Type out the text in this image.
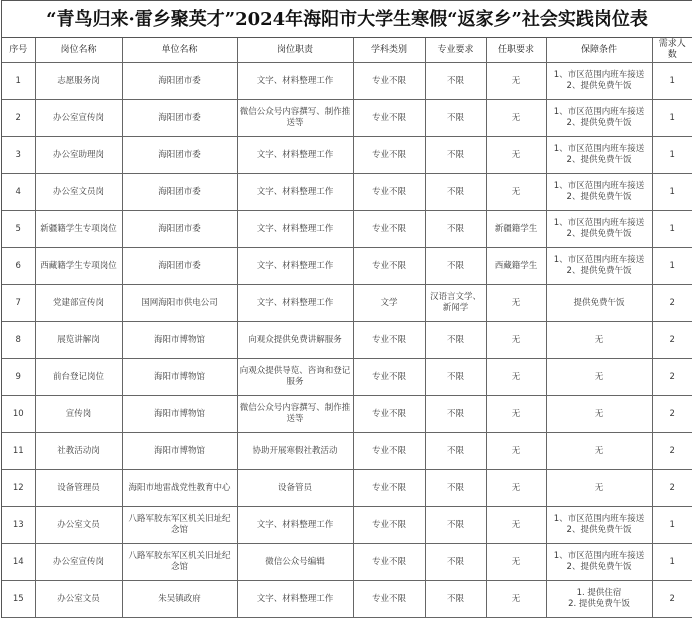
“青鸟归来·雷乡聚英才”2024年海阳市大学生寒假“返家乡”社会实践岗位表
序号	岗位名称	单位名称	岗位职责	学科类别	专业要求	任职要求	保障条件	需求人数
1	志愿服务岗	海阳团市委	文字、材料整理工作	专业不限	不限	无	1、市区范围内班车接送
2、提供免费午饭	1
2	办公室宣传岗	海阳团市委	微信公众号内容撰写、制作推送等	专业不限	不限	无	1、市区范围内班车接送
2、提供免费午饭	1
3	办公室助理岗	海阳团市委	文字、材料整理工作	专业不限	不限	无	1、市区范围内班车接送
2、提供免费午饭	1
4	办公室文员岗	海阳团市委	文字、材料整理工作	专业不限	不限	无	1、市区范围内班车接送
2、提供免费午饭	1
5	新疆籍学生专项岗位	海阳团市委	文字、材料整理工作	专业不限	不限	新疆籍学生	1、市区范围内班车接送
2、提供免费午饭	1
6	西藏籍学生专项岗位	海阳团市委	文字、材料整理工作	专业不限	不限	西藏籍学生	1、市区范围内班车接送
2、提供免费午饭	1
7	党建部宣传岗	国网海阳市供电公司	文字、材料整理工作	文学	汉语言文学、新闻学	无	提供免费午饭	2
8	展览讲解岗	海阳市博物馆	向观众提供免费讲解服务	专业不限	不限	无	无	2
9	前台登记岗位	海阳市博物馆	向观众提供导览、咨询和登记服务	专业不限	不限	无	无	2
10	宣传岗	海阳市博物馆	微信公众号内容撰写、制作推送等	专业不限	不限	无	无	2
11	社教活动岗	海阳市博物馆	协助开展寒假社教活动	专业不限	不限	无	无	2
12	设备管理员	海阳市地雷战党性教育中心	设备管员	专业不限	不限	无	无	2
13	办公室文员	八路军胶东军区机关旧址纪念馆	文字、材料整理工作	专业不限	不限	无	1、市区范围内班车接送
2、提供免费午饭	1
14	办公室宣传岗	八路军胶东军区机关旧址纪念馆	微信公众号编辑	专业不限	不限	无	1、市区范围内班车接送
2、提供免费午饭	1
15	办公室文员	朱吴镇政府	文字、材料整理工作	专业不限	不限	无	1. 提供住宿
2. 提供免费午饭	2
